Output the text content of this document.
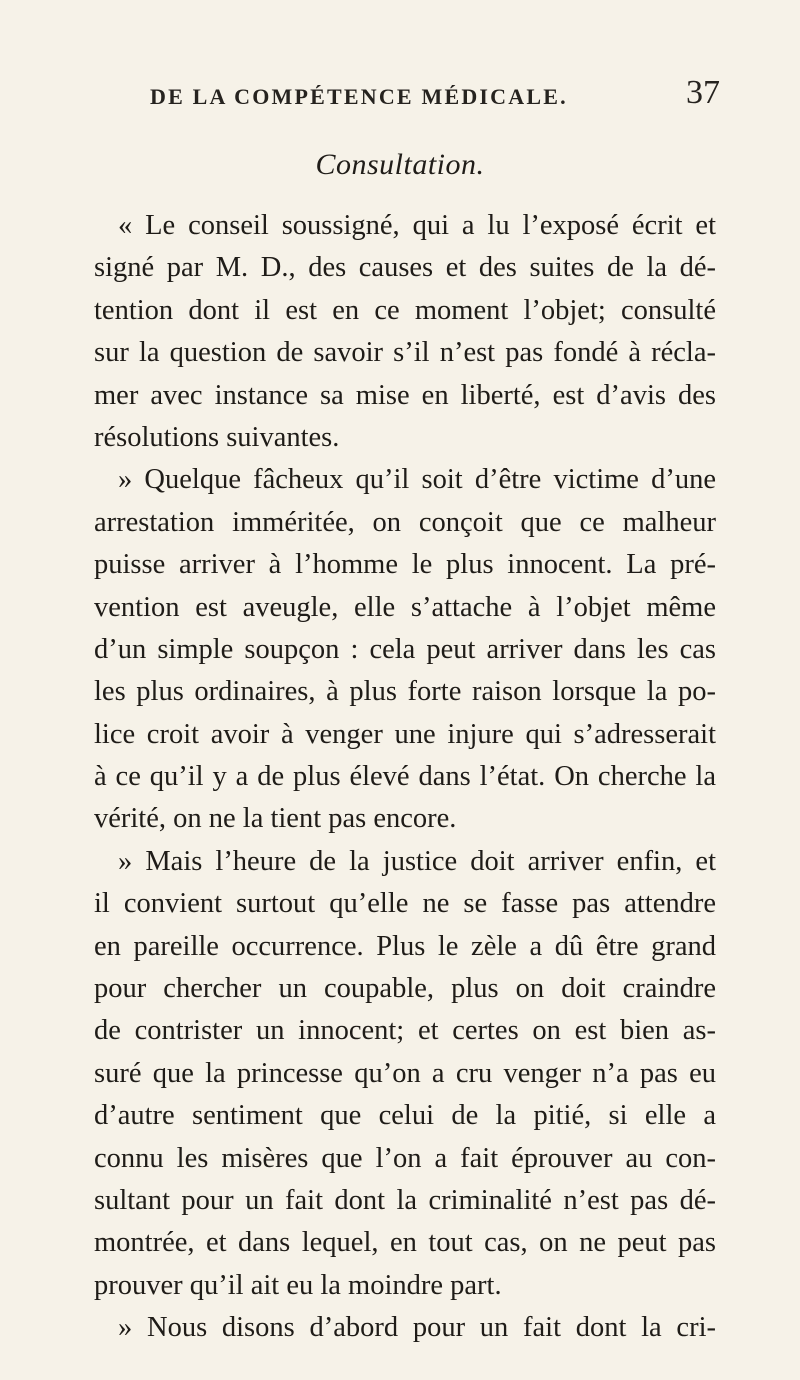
DE LA COMPÉTENCE MÉDICALE.	37
Consultation.
« Le conseil soussigné, qui a lu l’exposé écrit et
signé par M. D., des causes et des suites de la dé-
tention dont il est en ce moment l’objet; consulté
sur la question de savoir s’il n’est pas fondé à récla-
mer avec instance sa mise en liberté, est d’avis des
résolutions suivantes.
» Quelque fâcheux qu’il soit d’être victime d’une
arrestation imméritée, on conçoit que ce malheur
puisse arriver à l’homme le plus innocent. La pré-
vention est aveugle, elle s’attache à l’objet même
d’un simple soupçon : cela peut arriver dans les cas
les plus ordinaires, à plus forte raison lorsque la po-
lice croit avoir à venger une injure qui s’adresserait
à ce qu’il y a de plus élevé dans l’état. On cherche la
vérité, on ne la tient pas encore.
» Mais l’heure de la justice doit arriver enfin, et
il convient surtout qu’elle ne se fasse pas attendre
en pareille occurrence. Plus le zèle a dû être grand
pour chercher un coupable, plus on doit craindre
de contrister un innocent; et certes on est bien as-
suré que la princesse qu’on a cru venger n’a pas eu
d’autre sentiment que celui de la pitié, si elle a
connu les misères que l’on a fait éprouver au con-
sultant pour un fait dont la criminalité n’est pas dé-
montrée, et dans lequel, en tout cas, on ne peut pas
prouver qu’il ait eu la moindre part.
» Nous disons d’abord pour un fait dont la cri-
